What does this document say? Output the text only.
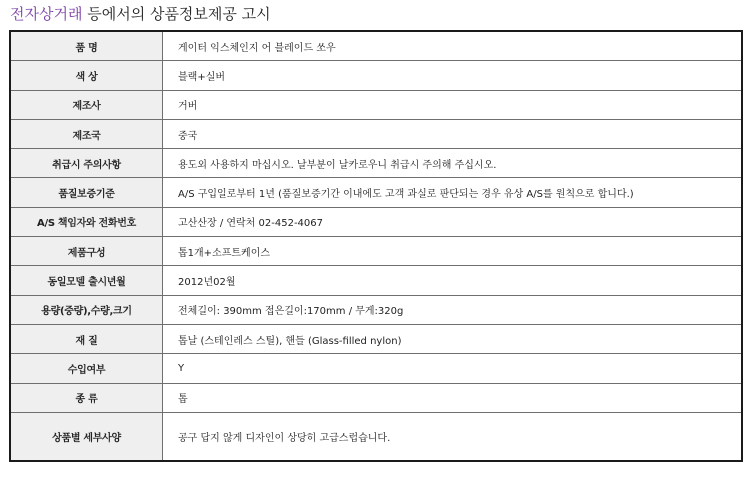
전자상거래 등에서의 상품정보제공 고시
품 명	게이터 익스체인지 어 블레이드 쏘우
색 상	블랙+실버
제조사	거버
제조국	중국
취급시 주의사항	용도외 사용하지 마십시오. 날부분이 날카로우니 취급시 주의해 주십시오.
품질보증기준	A/S 구입일로부터 1년 (품질보증기간 이내에도 고객 과실로 판단되는 경우 유상 A/S를 원칙으로 합니다.)
A/S 책임자와 전화번호	고산산장 / 연락처 02-452-4067
제품구성	톱1개+소프트케이스
동일모델 출시년월	2012년02월
용량(중량),수량,크기	전체길이: 390mm 접은길이:170mm / 무게:320g
재 질	톱날 (스테인레스 스틸), 핸들 (Glass-filled nylon)
수입여부	Y
종 류	톱
상품별 세부사양	공구 답지 않게 디자인이 상당히 고급스럽습니다.
